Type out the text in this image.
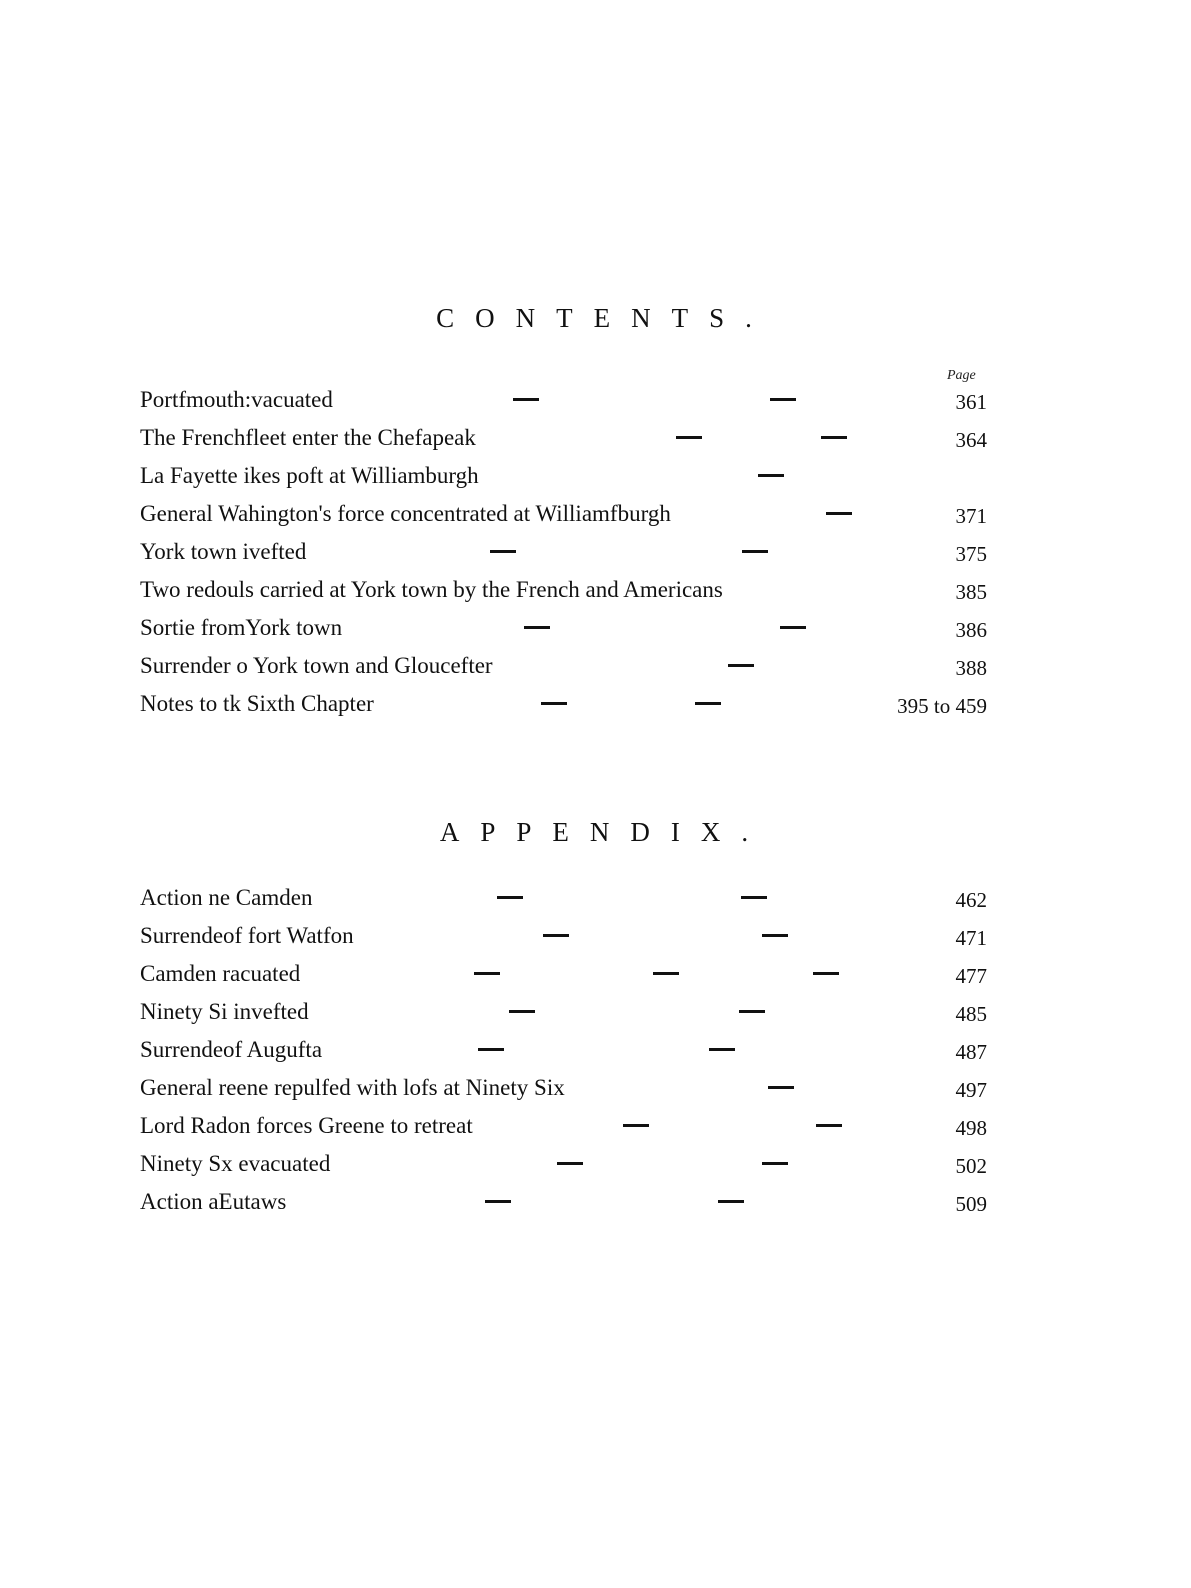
CONTENTS.
Page
Portfmouth:vacuated	361
The Frenchfleet enter the Chefapeak	364
La Fayette ikes poft at Williamburgh
General Wahington's force concentrated at Williamfburgh	371
York town ivefted	375
Two redouls carried at York town by the French and Americans	385
Sortie fromYork town	386
Surrender o York town and Gloucefter	388
Notes to tk Sixth Chapter	395 to 459
APPENDIX.
Action ne Camden	462
Surrendeof fort Watfon	471
Camden racuated	477
Ninety Si invefted	485
Surrendeof Augufta	487
General reene repulfed with lofs at Ninety Six	497
Lord Radon forces Greene to retreat	498
Ninety Sx evacuated	502
Action aEutaws	509
